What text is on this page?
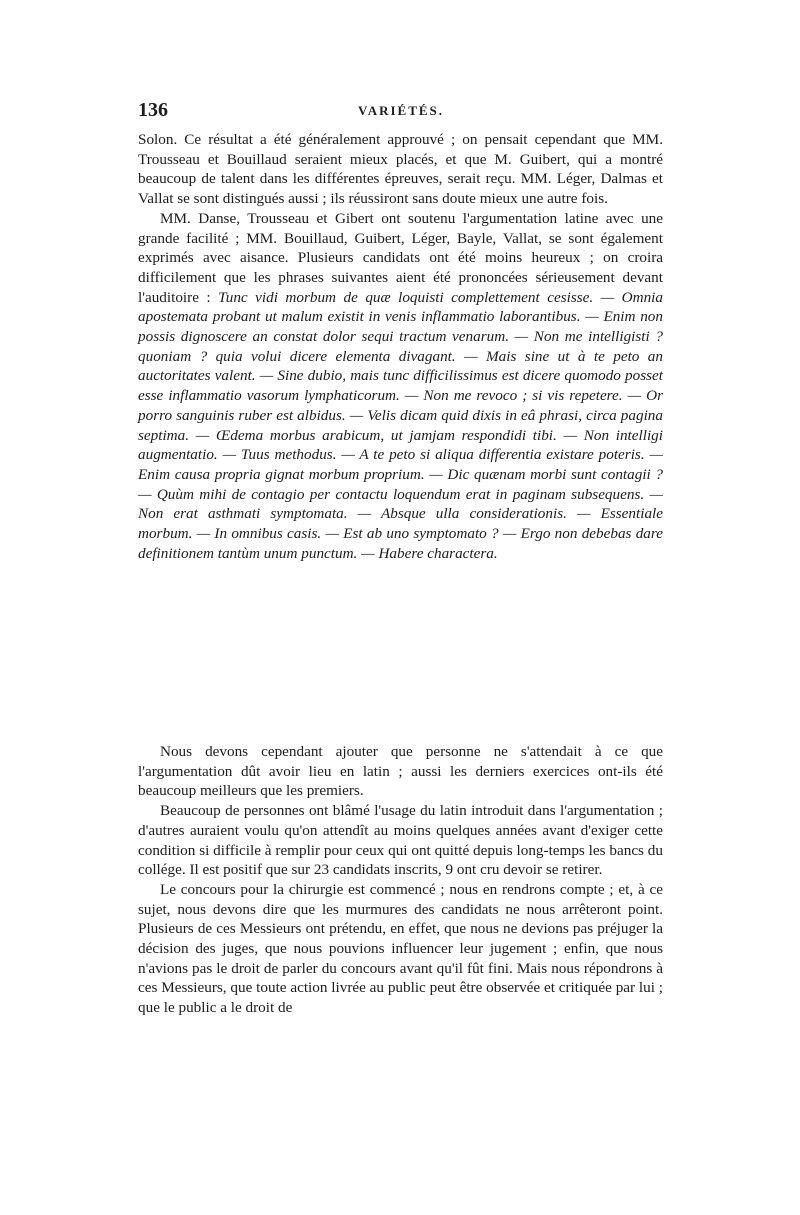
136	VARIÉTÉS.

Solon. Ce résultat a été généralement approuvé ; on pensait cependant que MM. Trousseau et Bouillaud seraient mieux placés, et que M. Guibert, qui a montré beaucoup de talent dans les différentes épreuves, serait reçu. MM. Léger, Dalmas et Vallat se sont distingués aussi ; ils réussiront sans doute mieux une autre fois.

MM. Danse, Trousseau et Gibert ont soutenu l'argumentation latine avec une grande facilité ; MM. Bouillaud, Guibert, Léger, Bayle, Vallat, se sont également exprimés avec aisance. Plusieurs candidats ont été moins heureux ; on croira difficilement que les phrases suivantes aient été prononcées sérieusement devant l'auditoire : Tunc vidi morbum de quæ loquisti complettement cesisse. — Omnia apostemata probant ut malum existit in venis inflammatio laborantibus. — Enim non possis dignoscere an constat dolor sequi tractum venarum. — Non me intelligisti ? quoniam ? quia volui dicere elementa divagant. — Mais sine ut à te peto an auctoritates valent. — Sine dubio, mais tunc difficilissimus est dicere quomodo posset esse inflammatio vasorum lymphaticorum. — Non me revoco ; si vis repetere. — Or porro sanguinis ruber est albidus. — Velis dicam quid dixis in eâ phrasi, circa pagina septima. — Œdema morbus arabicum, ut jamjam respondidi tibi. — Non intelligi augmentatio. — Tuus methodus. — A te peto si aliqua differentia existare poteris. — Enim causa propria gignat morbum proprium. — Dic quænam morbi sunt contagii ? — Quùm mihi de contagio per contactu loquendum erat in paginam subsequens. — Non erat asthmati symptomata. — Absque ulla considerationis. — Essentiale morbum. — In omnibus casis. — Est ab uno symptomato ? — Ergo non debebas dare definitionem tantùm unum punctum. — Habere charactera.

Nous devons cependant ajouter que personne ne s'attendait à ce que l'argumentation dût avoir lieu en latin ; aussi les derniers exercices ont-ils été beaucoup meilleurs que les premiers.

Beaucoup de personnes ont blâmé l'usage du latin introduit dans l'argumentation ; d'autres auraient voulu qu'on attendît au moins quelques années avant d'exiger cette condition si difficile à remplir pour ceux qui ont quitté depuis long-temps les bancs du collége. Il est positif que sur 23 candidats inscrits, 9 ont cru devoir se retirer.

Le concours pour la chirurgie est commencé ; nous en rendrons compte ; et, à ce sujet, nous devons dire que les murmures des candidats ne nous arrêteront point. Plusieurs de ces Messieurs ont prétendu, en effet, que nous ne devions pas préjuger la décision des juges, que nous pouvions influencer leur jugement ; enfin, que nous n'avions pas le droit de parler du concours avant qu'il fût fini. Mais nous répondrons à ces Messieurs, que toute action livrée au public peut être observée et critiquée par lui ; que le public a le droit de
